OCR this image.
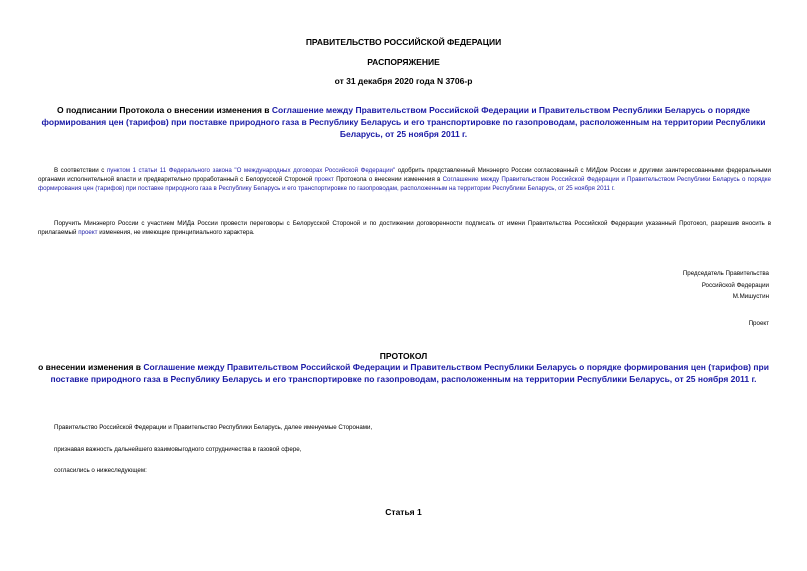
ПРАВИТЕЛЬСТВО РОССИЙСКОЙ ФЕДЕРАЦИИ
РАСПОРЯЖЕНИЕ
от 31 декабря 2020 года N 3706-р
О подписании Протокола о внесении изменения в Соглашение между Правительством Российской Федерации и Правительством Республики Беларусь о порядке формирования цен (тарифов) при поставке природного газа в Республику Беларусь и его транспортировке по газопроводам, расположенным на территории Республики Беларусь, от 25 ноября 2011 г.
В соответствии с пунктом 1 статьи 11 Федерального закона "О международных договорах Российской Федерации" одобрить представленный Минэнерго России согласованный с МИДом России и другими заинтересованными федеральными органами исполнительной власти и предварительно проработанный с Белорусской Стороной проект Протокола о внесении изменения в Соглашение между Правительством Российской Федерации и Правительством Республики Беларусь о порядке формирования цен (тарифов) при поставке природного газа в Республику Беларусь и его транспортировке по газопроводам, расположенным на территории Республики Беларусь, от 25 ноября 2011 г.
Поручить Минэнерго России с участием МИДа России провести переговоры с Белорусской Стороной и по достижении договоренности подписать от имени Правительства Российской Федерации указанный Протокол, разрешив вносить в прилагаемый проект изменения, не имеющие принципиального характера.
Председатель Правительства
Российской Федерации
М.Мишустин
Проект
ПРОТОКОЛ
о внесении изменения в Соглашение между Правительством Российской Федерации и Правительством Республики Беларусь о порядке формирования цен (тарифов) при поставке природного газа в Республику Беларусь и его транспортировке по газопроводам, расположенным на территории Республики Беларусь, от 25 ноября 2011 г.
Правительство Российской Федерации и Правительство Республики Беларусь, далее именуемые Сторонами,
признавая важность дальнейшего взаимовыгодного сотрудничества в газовой сфере,
согласились о нижеследующем:
Статья 1
